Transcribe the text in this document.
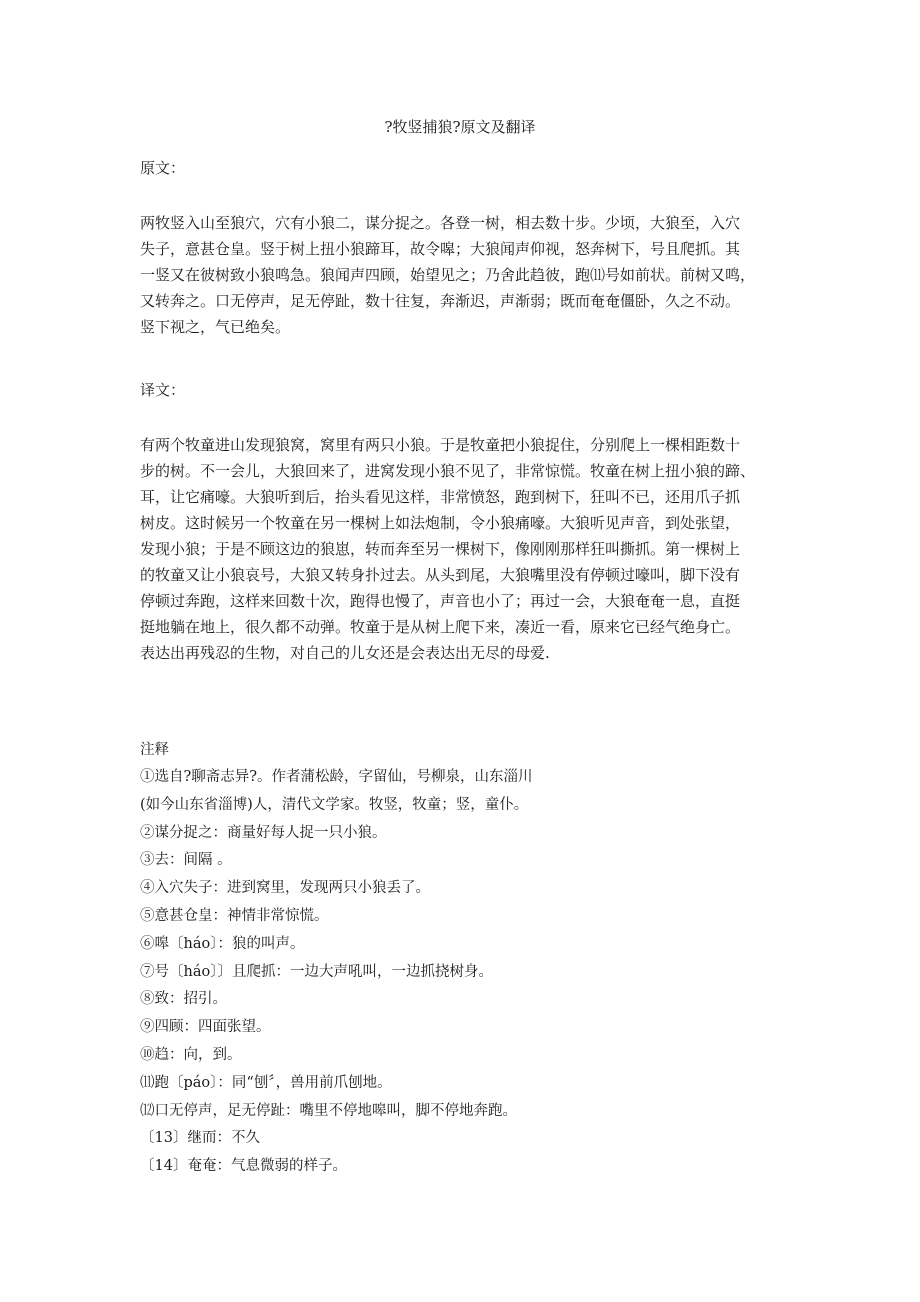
?牧竖捕狼?原文及翻译
原文：
两牧竖入山至狼穴，穴有小狼二，谋分捉之。各登一树，相去数十步。少顷，大狼至，入穴
失子，意甚仓皇。竖于树上扭小狼蹄耳，故令嗥；大狼闻声仰视，怒奔树下，号且爬抓。其
一竖又在彼树致小狼鸣急。狼闻声四顾，始望见之；乃舍此趋彼，跑⑾号如前状。前树又鸣，
又转奔之。口无停声，足无停趾，数十往复，奔渐迟，声渐弱；既而奄奄僵卧，久之不动。
竖下视之，气已绝矣。
译文：
有两个牧童进山发现狼窝，窝里有两只小狼。于是牧童把小狼捉住，分别爬上一棵相距数十
步的树。不一会儿，大狼回来了，进窝发现小狼不见了，非常惊慌。牧童在树上扭小狼的蹄、
耳，让它痛嚎。大狼听到后，抬头看见这样，非常愤怒，跑到树下，狂叫不已，还用爪子抓
树皮。这时候另一个牧童在另一棵树上如法炮制，令小狼痛嚎。大狼听见声音，到处张望，
发现小狼；于是不顾这边的狼崽，转而奔至另一棵树下，像刚刚那样狂叫撕抓。第一棵树上
的牧童又让小狼哀号，大狼又转身扑过去。从头到尾，大狼嘴里没有停顿过嚎叫，脚下没有
停顿过奔跑，这样来回数十次，跑得也慢了，声音也小了；再过一会，大狼奄奄一息，直挺
挺地躺在地上，很久都不动弹。牧童于是从树上爬下来，凑近一看，原来它已经气绝身亡。
表达出再残忍的生物，对自己的儿女还是会表达出无尽的母爱.
注释
①选自?聊斋志异?。作者蒲松龄，字留仙，号柳泉，山东淄川
(如今山东省淄博)人，清代文学家。牧竖，牧童；竖，童仆。
②谋分捉之：商量好每人捉一只小狼。
③去：间隔 。
④入穴失子：进到窝里，发现两只小狼丢了。
⑤意甚仓皇：神情非常惊慌。
⑥嗥〔háo〕：狼的叫声。
⑦号〔háo〕〕且爬抓：一边大声吼叫，一边抓挠树身。
⑧致：招引。
⑨四顾：四面张望。
⑩趋：向，到。
⑾跑〔páo〕：同“刨〞，兽用前爪刨地。
⑿口无停声，足无停趾：嘴里不停地嗥叫，脚不停地奔跑。
〔13〕继而：不久
〔14〕奄奄：气息微弱的样子。
